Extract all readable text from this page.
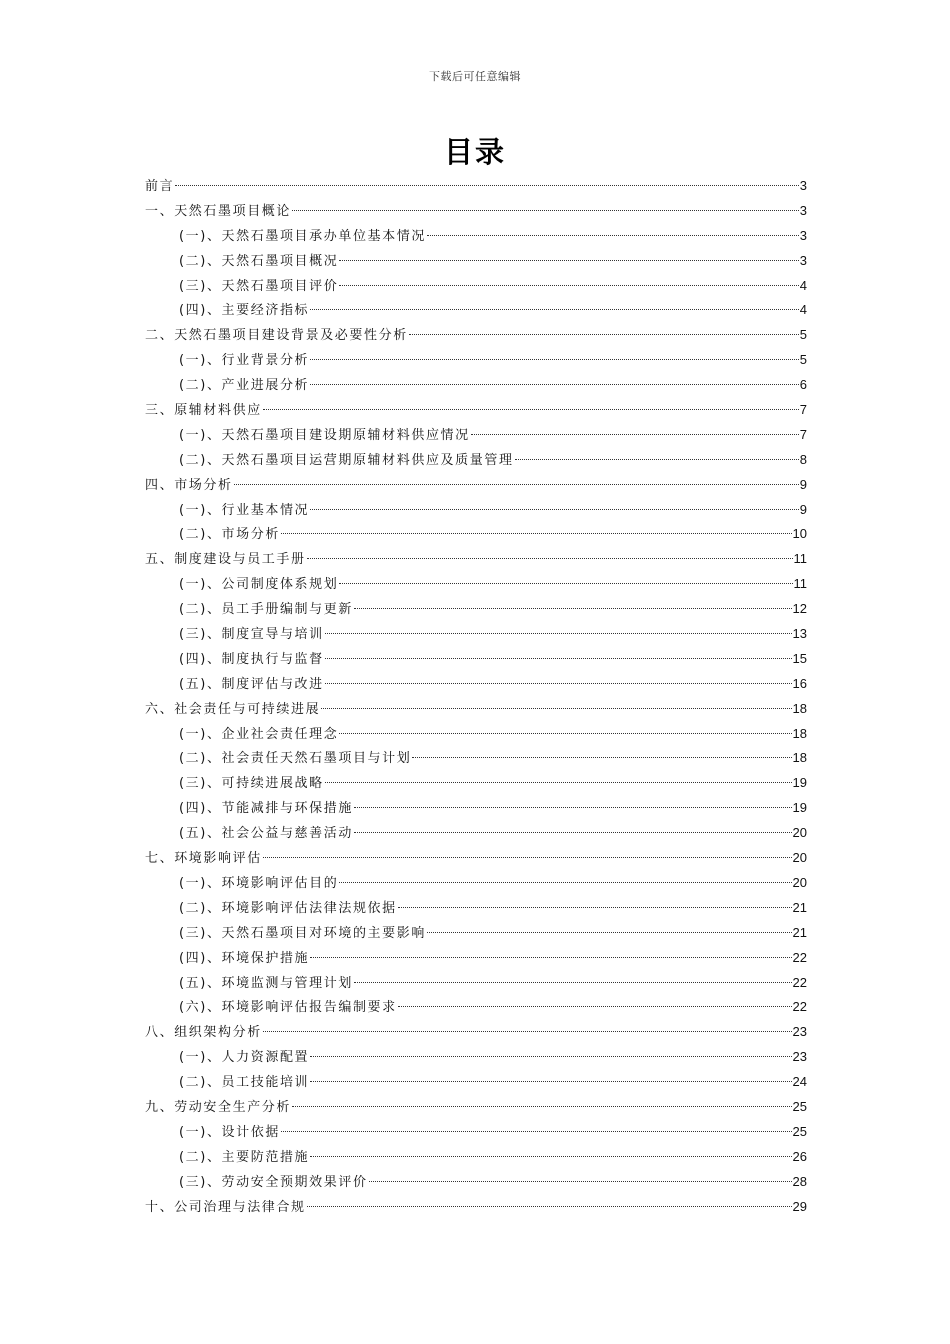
下载后可任意编辑
目录
前言	3
一、天然石墨项目概论	3
(一)、天然石墨项目承办单位基本情况	3
(二)、天然石墨项目概况	3
(三)、天然石墨项目评价	4
(四)、主要经济指标	4
二、天然石墨项目建设背景及必要性分析	5
(一)、行业背景分析	5
(二)、产业进展分析	6
三、原辅材料供应	7
(一)、天然石墨项目建设期原辅材料供应情况	7
(二)、天然石墨项目运营期原辅材料供应及质量管理	8
四、市场分析	9
(一)、行业基本情况	9
(二)、市场分析	10
五、制度建设与员工手册	11
(一)、公司制度体系规划	11
(二)、员工手册编制与更新	12
(三)、制度宣导与培训	13
(四)、制度执行与监督	15
(五)、制度评估与改进	16
六、社会责任与可持续进展	18
(一)、企业社会责任理念	18
(二)、社会责任天然石墨项目与计划	18
(三)、可持续进展战略	19
(四)、节能减排与环保措施	19
(五)、社会公益与慈善活动	20
七、环境影响评估	20
(一)、环境影响评估目的	20
(二)、环境影响评估法律法规依据	21
(三)、天然石墨项目对环境的主要影响	21
(四)、环境保护措施	22
(五)、环境监测与管理计划	22
(六)、环境影响评估报告编制要求	22
八、组织架构分析	23
(一)、人力资源配置	23
(二)、员工技能培训	24
九、劳动安全生产分析	25
(一)、设计依据	25
(二)、主要防范措施	26
(三)、劳动安全预期效果评价	28
十、公司治理与法律合规	29
